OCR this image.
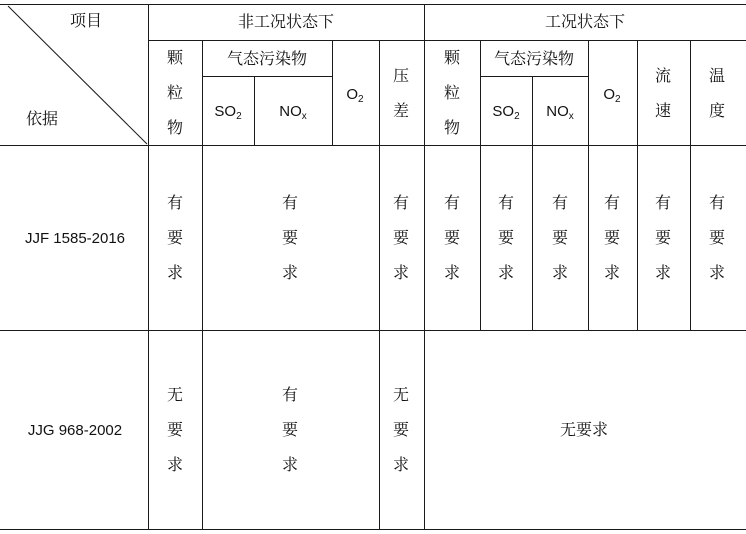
项目
依据
非工况状态下	工况状态下
颗粒物
气态污染物
$SO_2$	$NO_x$
$O_2$
压差
颗粒物
气态污染物
$SO_2$ $NO_x$
$O_2$
流速
温度
JJF 1585-2016
有要求
有要求
有要求
有要求
有要求
有要求
有要求
有要求
有要求
JJG 968-2002
无要求
有要求
无要求
无要求
